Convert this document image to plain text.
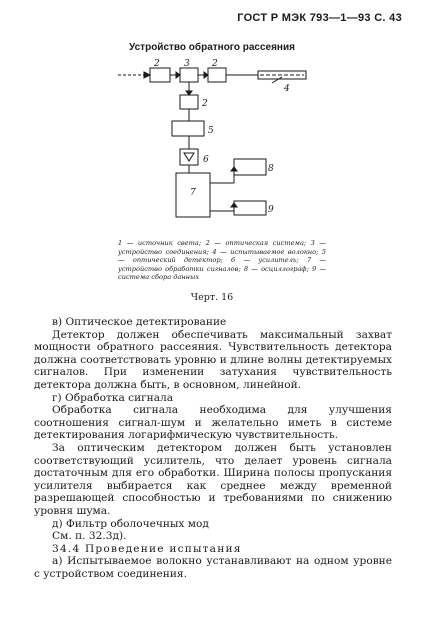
ГОСТ Р МЭК 793—1—93 С. 43
Устройство обратного рассеяния
2	3 2
4
2
5
6
7
8
9
1 — источник света; 2 — оптическая система; 3 — устройство соединения; 4 — испытываемое волокно; 5 — оптический детектор; 6 — усилитель; 7 — устройство обработки сигналов; 8 — осциллограф; 9 — система сбора данных
Черт. 16

в) Оптическое детектирование

Детектор должен обеспечивать максимальный захват мощности обратного рассеяния. Чувствительность детектора должна соответствовать уровню и длине волны детектируемых сигналов. При изменении затухания чувствительность детектора должна быть, в основном, линейной.

г) Обработка сигнала

Обработка сигнала необходима для улучшения соотношения сигнал-шум и желательно иметь в системе детектирования логарифмическую чувствительность.

За оптическим детектором должен быть установлен соответствующий усилитель, что делает уровень сигнала достаточным для его обработки. Ширина полосы пропускания усилителя выбирается как среднее между временной разрешающей способностью и требованиями по снижению уровня шума.

д) Фильтр оболочечных мод

См. п. 32.3д).

34.4 Проведение испытания

а) Испытываемое волокно устанавливают на одном уровне с устройством соединения.
